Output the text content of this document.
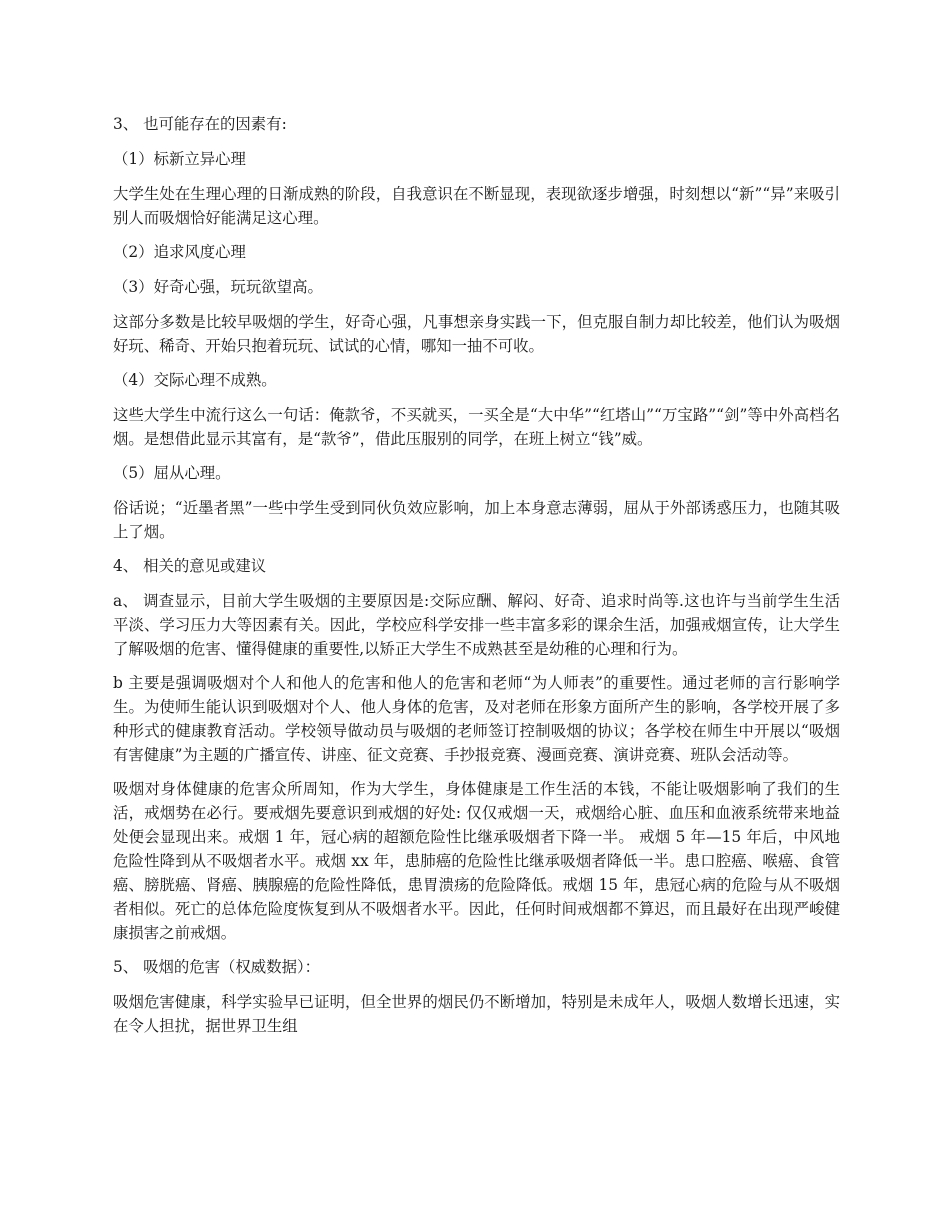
3、 也可能存在的因素有:

（1）标新立异心理

大学生处在生理心理的日渐成熟的阶段，自我意识在不断显现，表现欲逐步增强，时刻想以“新”“异”来吸引别人而吸烟恰好能满足这心理。

（2）追求风度心理

（3）好奇心强，玩玩欲望高。

这部分多数是比较早吸烟的学生，好奇心强，凡事想亲身实践一下，但克服自制力却比较差，他们认为吸烟好玩、稀奇、开始只抱着玩玩、试试的心情，哪知一抽不可收。

（4）交际心理不成熟。

这些大学生中流行这么一句话：俺款爷，不买就买，一买全是“大中华”“红塔山”“万宝路”“剑”等中外高档名烟。是想借此显示其富有，是“款爷”，借此压服别的同学，在班上树立“钱”威。

（5）屈从心理。

俗话说；“近墨者黑”一些中学生受到同伙负效应影响，加上本身意志薄弱，屈从于外部诱惑压力，也随其吸上了烟。

4、 相关的意见或建议

a、 调查显示，目前大学生吸烟的主要原因是:交际应酬、解闷、好奇、追求时尚等.这也许与当前学生生活平淡、学习压力大等因素有关。因此，学校应科学安排一些丰富多彩的课余生活，加强戒烟宣传，让大学生了解吸烟的危害、懂得健康的重要性,以矫正大学生不成熟甚至是幼稚的心理和行为。

b 主要是强调吸烟对个人和他人的危害和他人的危害和老师“为人师表”的重要性。通过老师的言行影响学生。为使师生能认识到吸烟对个人、他人身体的危害，及对老师在形象方面所产生的影响，各学校开展了多种形式的健康教育活动。学校领导做动员与吸烟的老师签订控制吸烟的协议；各学校在师生中开展以“吸烟有害健康”为主题的广播宣传、讲座、征文竞赛、手抄报竞赛、漫画竞赛、演讲竞赛、班队会活动等。

吸烟对身体健康的危害众所周知，作为大学生，身体健康是工作生活的本钱，不能让吸烟影响了我们的生活，戒烟势在必行。要戒烟先要意识到戒烟的好处: 仅仅戒烟一天，戒烟给心脏、血压和血液系统带来地益处便会显现出来。戒烟 1 年，冠心病的超额危险性比继承吸烟者下降一半。 戒烟 5 年—15 年后，中风地危险性降到从不吸烟者水平。戒烟 xx 年，患肺癌的危险性比继承吸烟者降低一半。患口腔癌、喉癌、食管癌、膀胱癌、肾癌、胰腺癌的危险性降低，患胃溃疡的危险降低。戒烟 15 年，患冠心病的危险与从不吸烟者相似。死亡的总体危险度恢复到从不吸烟者水平。因此，任何时间戒烟都不算迟，而且最好在出现严峻健康损害之前戒烟。

5、 吸烟的危害（权威数据）：

吸烟危害健康，科学实验早已证明，但全世界的烟民仍不断增加，特别是未成年人，吸烟人数增长迅速，实在令人担扰，据世界卫生组
